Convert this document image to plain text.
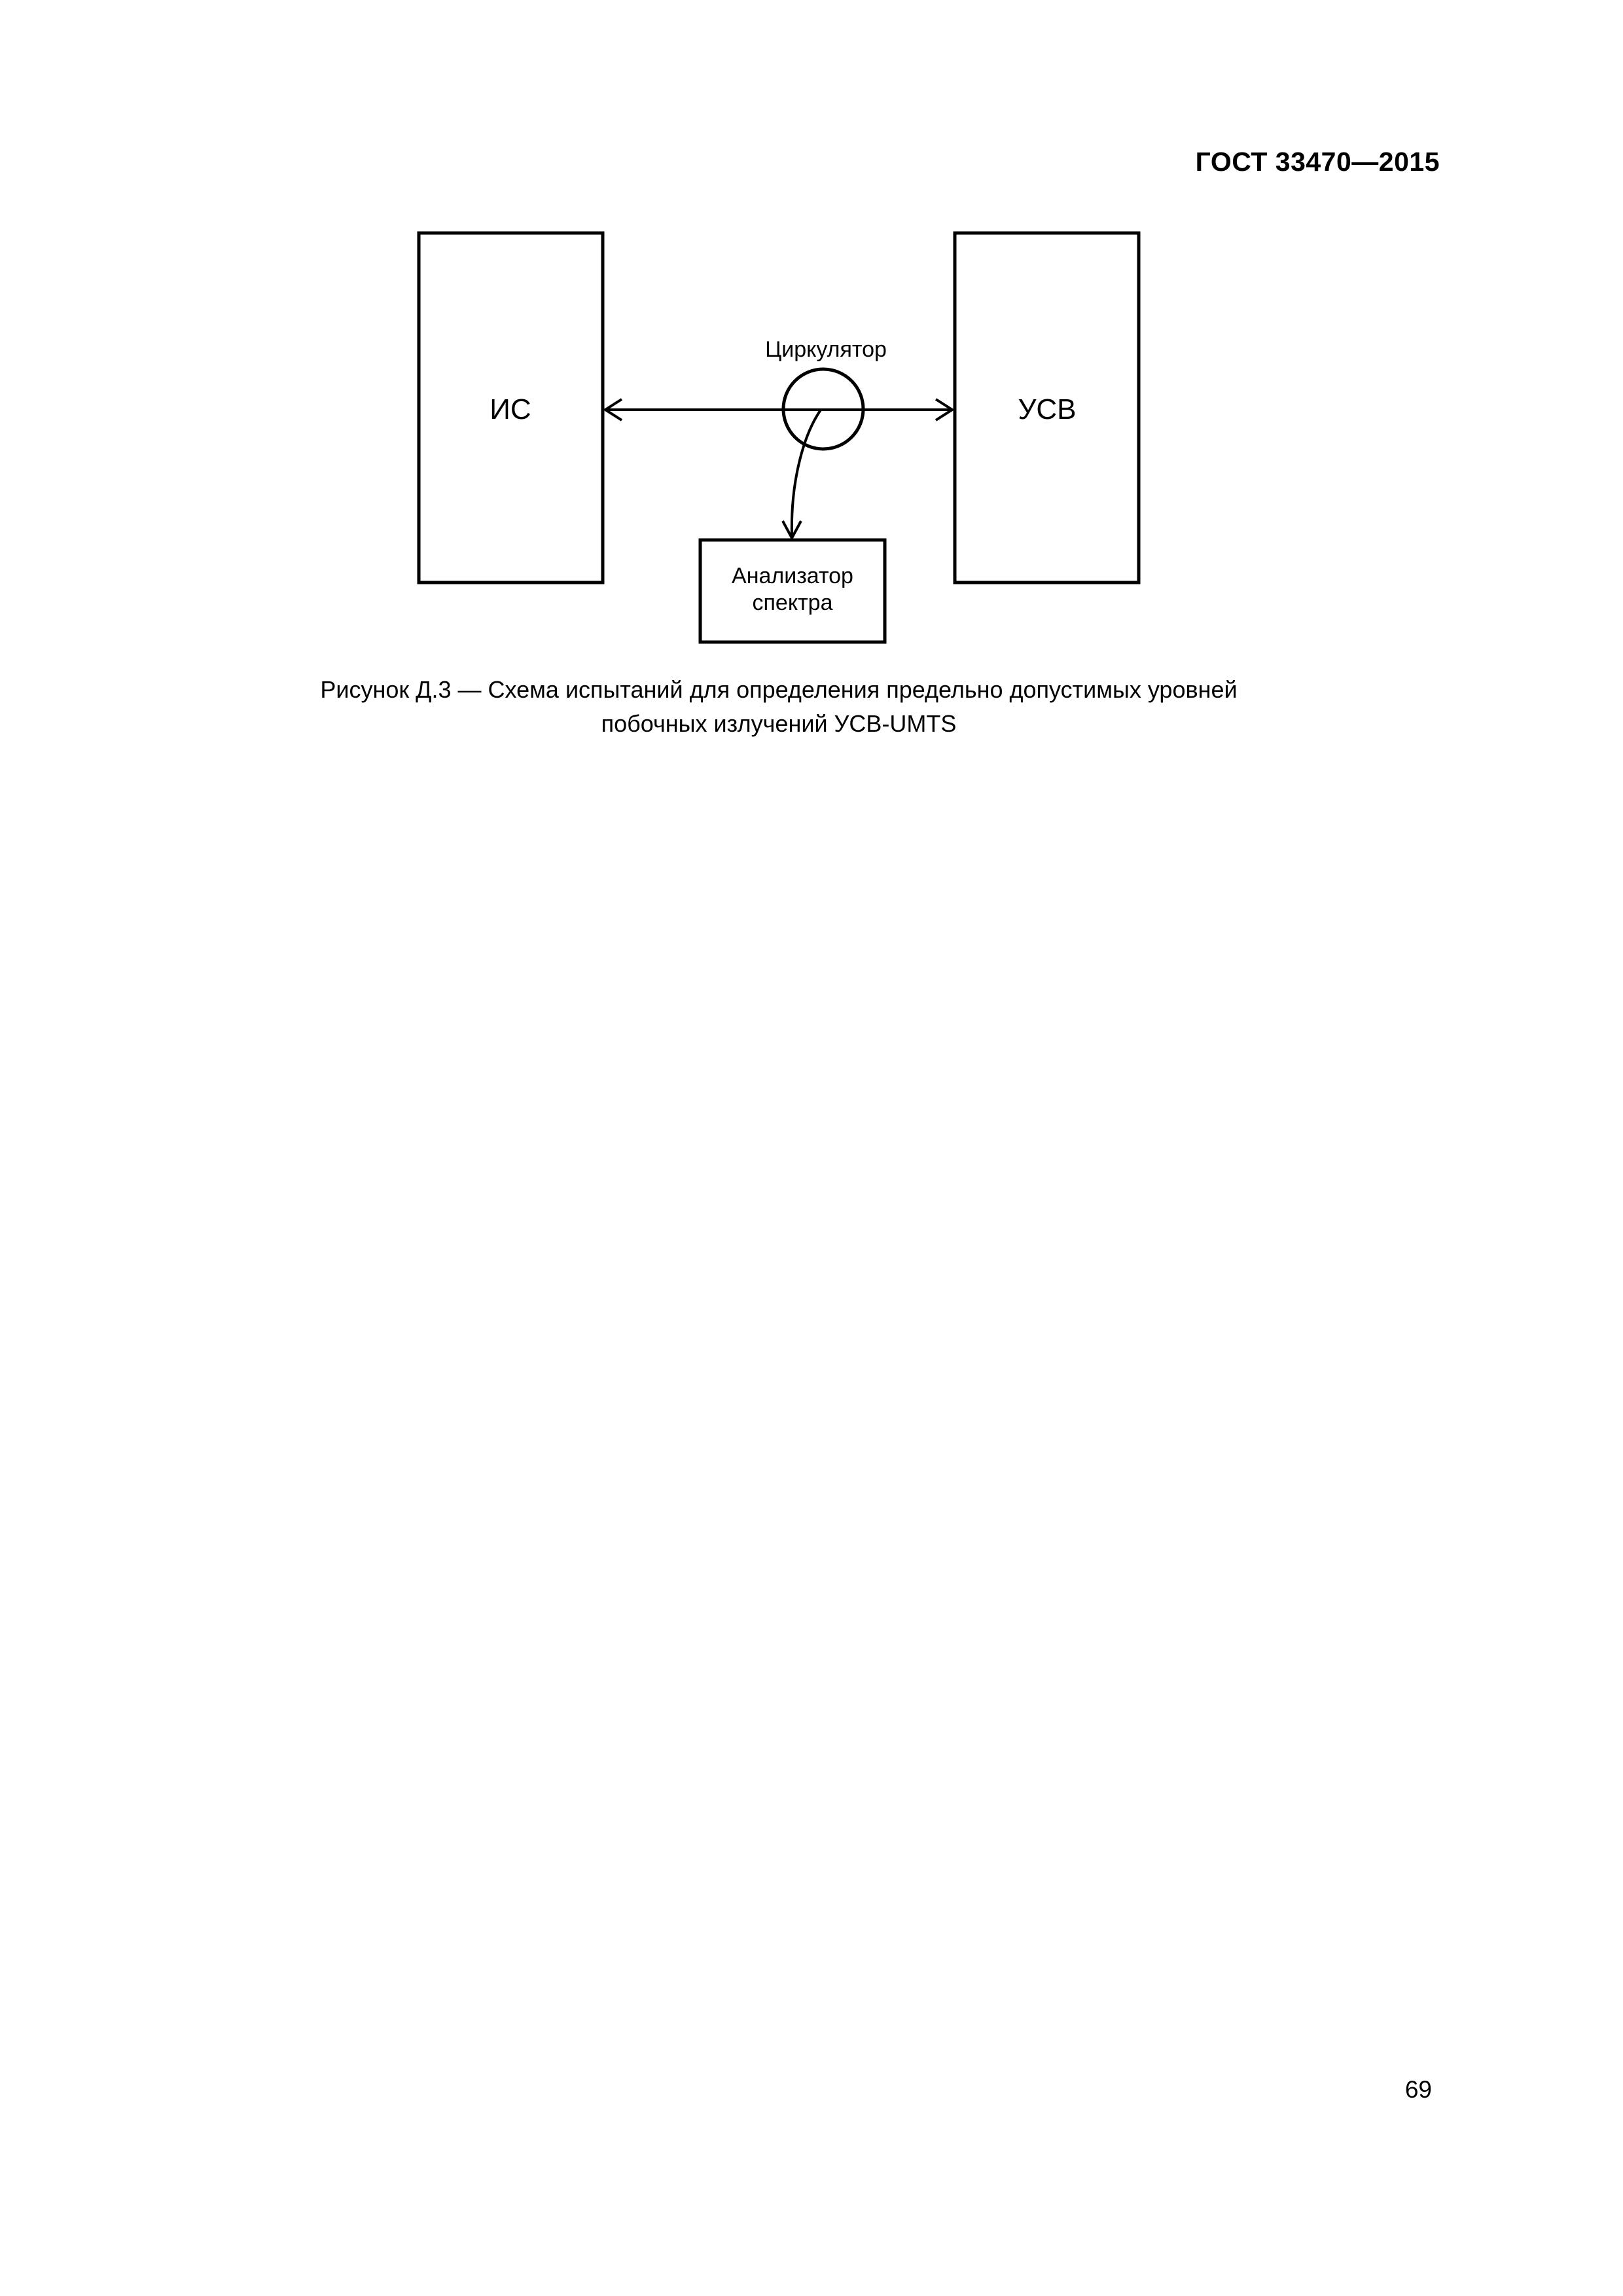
ГОСТ 33470—2015
ИС	УСВ
Циркулятор
Анализатор
спектра
Рисунок Д.3 — Схема испытаний для определения предельно допустимых уровней
побочных излучений УСВ-UMTS
69
